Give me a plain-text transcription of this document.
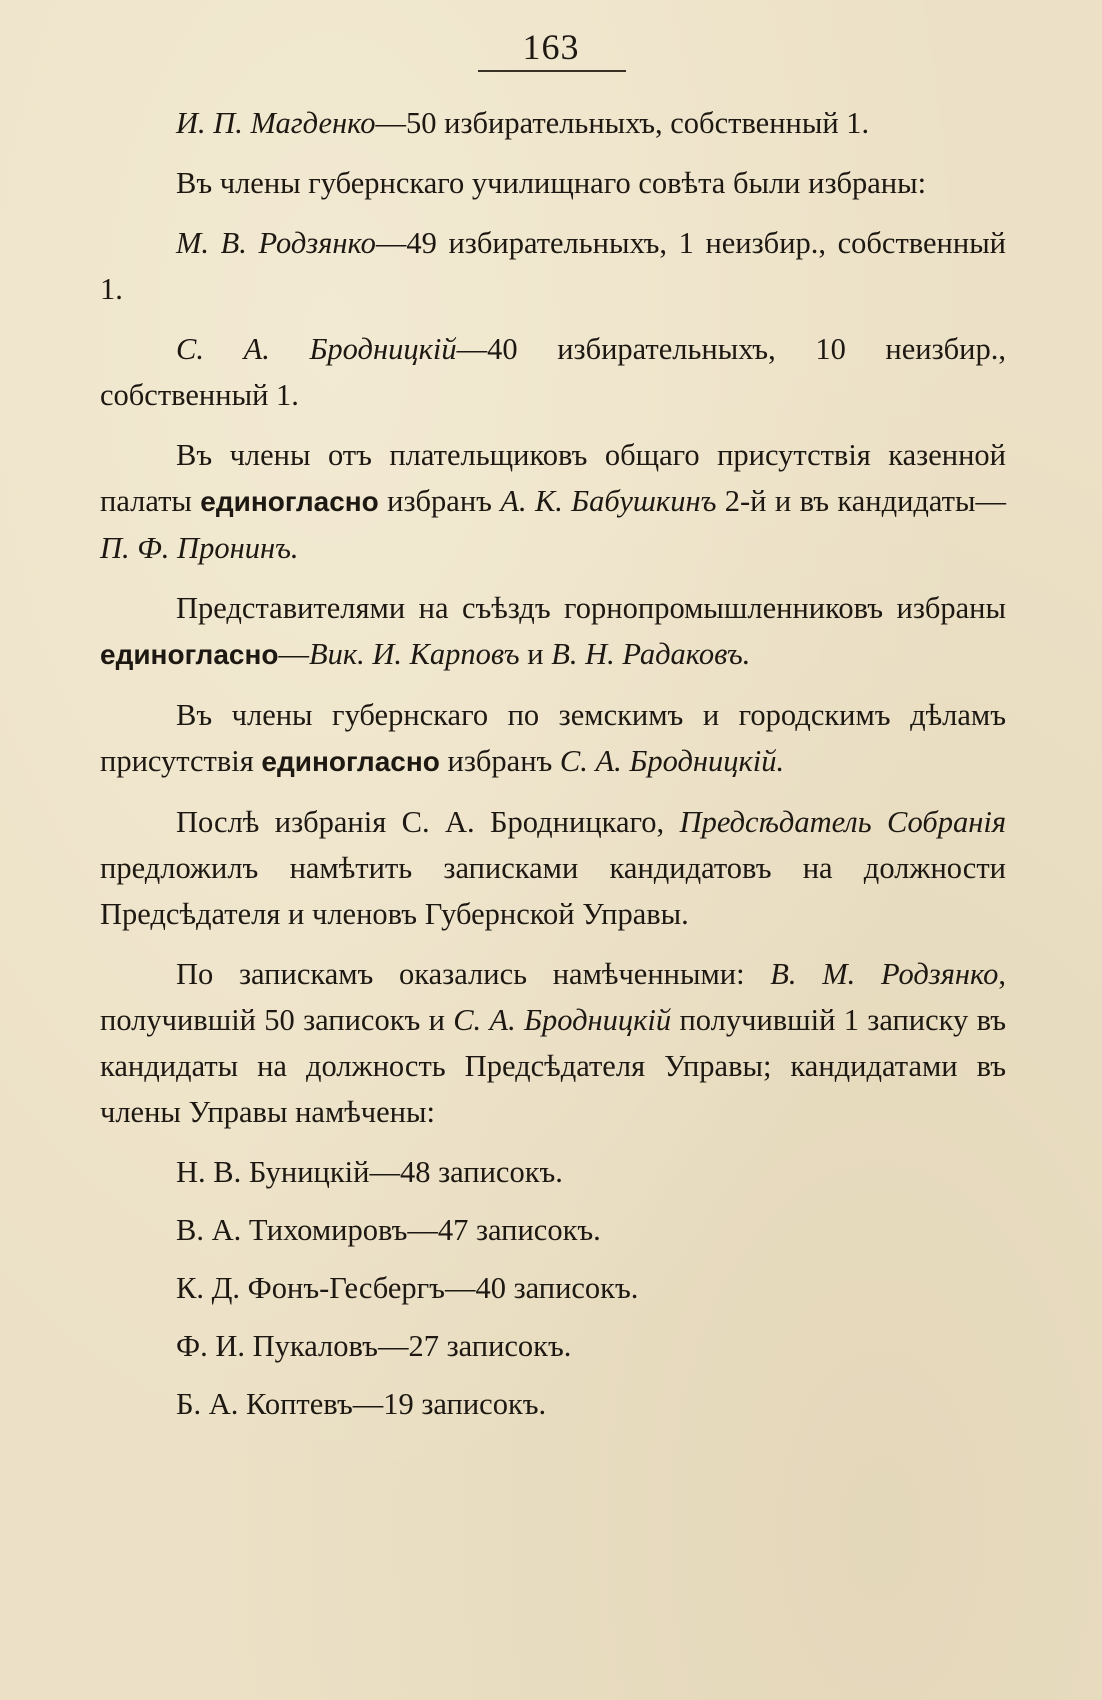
163

И. П. Магденко—50 избирательныхъ, собственный 1.

Въ члены губернскаго училищнаго совѣта были избраны:

М. В. Родзянко—49 избирательныхъ, 1 неизбир., собственный 1.

С. А. Бродницкій—40 избирательныхъ, 10 неизбир., собственный 1.

Въ члены отъ плательщиковъ общаго присутствія казенной палаты единогласно избранъ А. К. Бабушкинъ 2-й и въ кандидаты—П. Ф. Пронинъ.

Представителями на съѣздъ горнопромышленниковъ избраны единогласно—Вик. И. Карповъ и В. Н. Радаковъ.

Въ члены губернскаго по земскимъ и городскимъ дѣламъ присутствія единогласно избранъ С. А. Бродницкій.

Послѣ избранія С. А. Бродницкаго, Предсѣдатель Собранія предложилъ намѣтить записками кандидатовъ на должности Предсѣдателя и членовъ Губернской Управы.

По запискамъ оказались намѣченными: В. М. Родзянко, получившій 50 записокъ и С. А. Бродницкій получившій 1 записку въ кандидаты на должность Предсѣдателя Управы; кандидатами въ члены Управы намѣчены:

Н. В. Буницкій—48 записокъ.

В. А. Тихомировъ—47 записокъ.

К. Д. Фонъ-Гесбергъ—40 записокъ.

Ф. И. Пукаловъ—27 записокъ.

Б. А. Коптевъ—19 записокъ.
